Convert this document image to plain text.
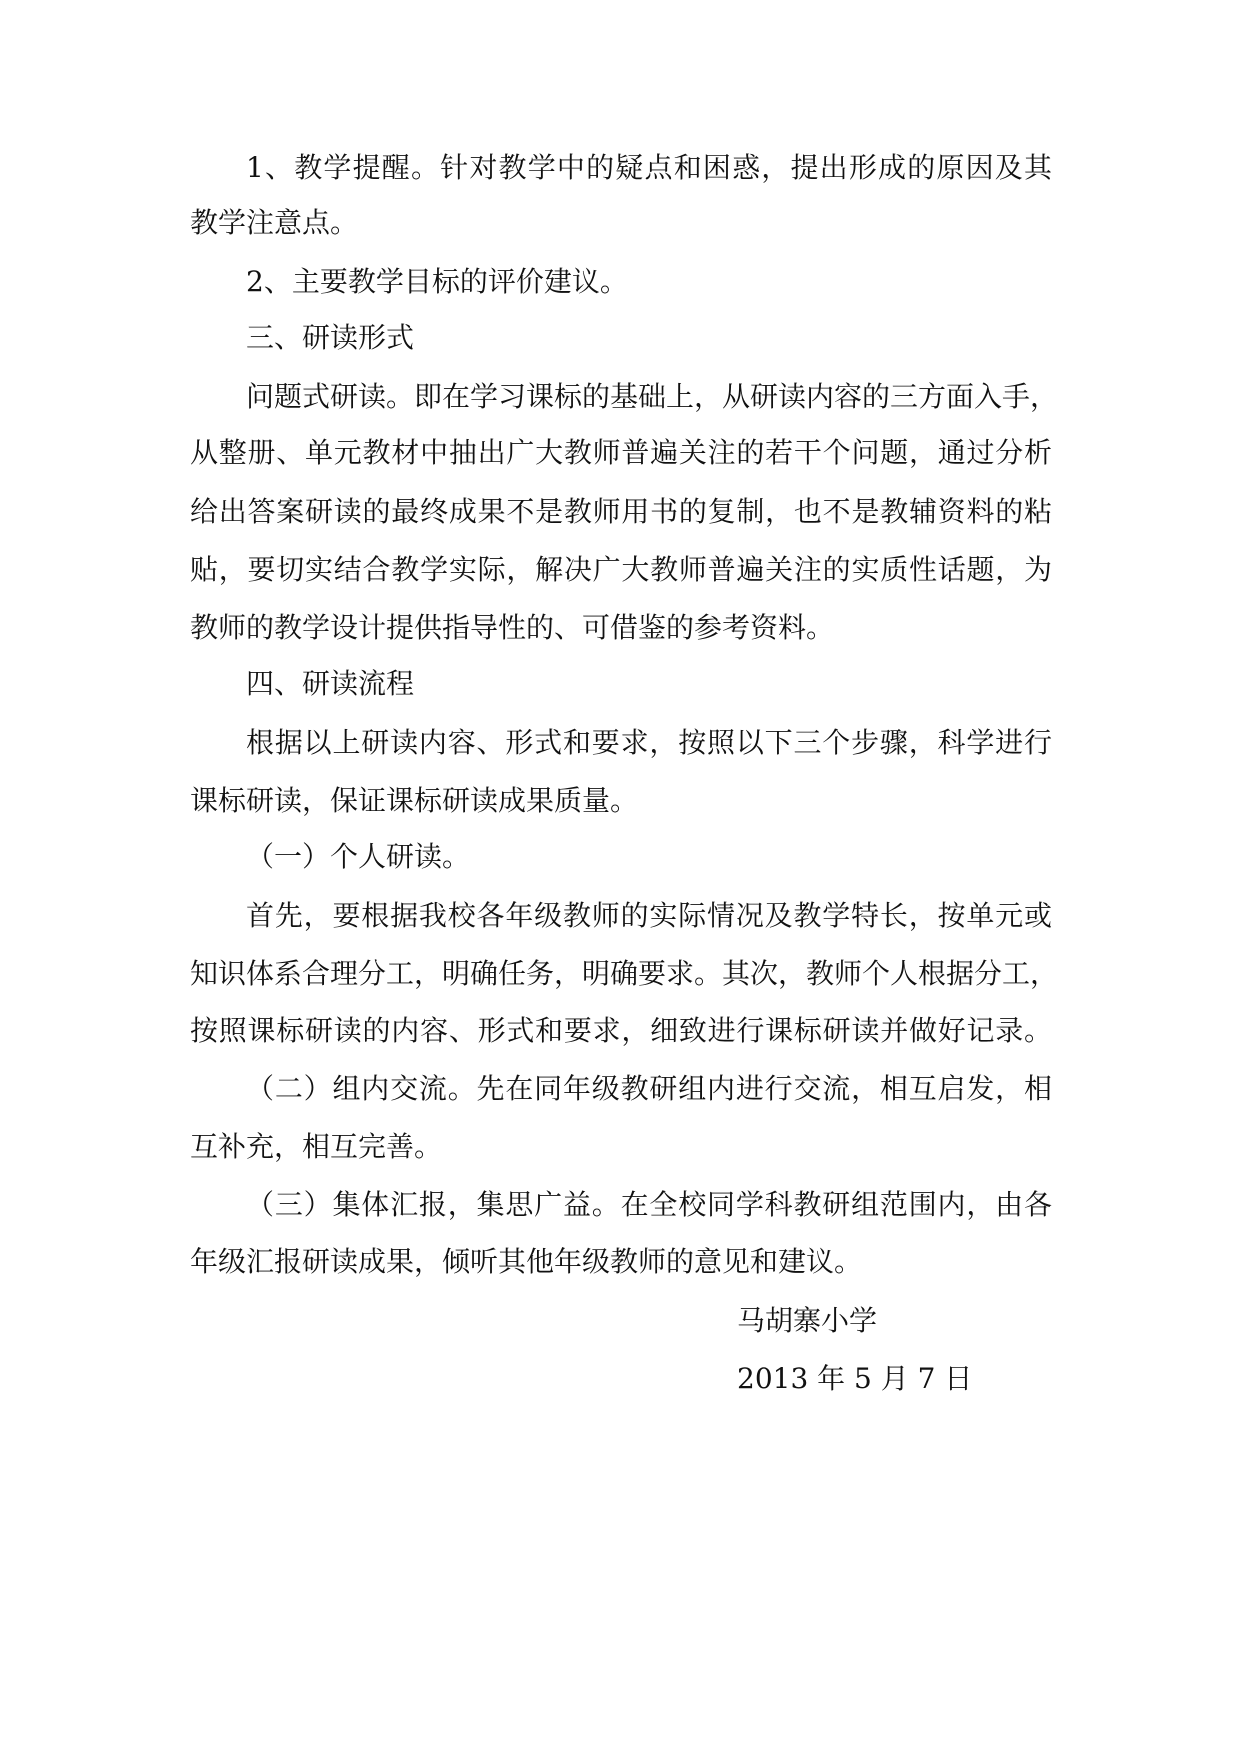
1、教学提醒。针对教学中的疑点和困惑，提出形成的原因及其
教学注意点。
2、主要教学目标的评价建议。
三、研读形式
问题式研读。即在学习课标的基础上，从研读内容的三方面入手，
从整册、单元教材中抽出广大教师普遍关注的若干个问题，通过分析
给出答案研读的最终成果不是教师用书的复制，也不是教辅资料的粘
贴，要切实结合教学实际，解决广大教师普遍关注的实质性话题，为
教师的教学设计提供指导性的、可借鉴的参考资料。
四、研读流程
根据以上研读内容、形式和要求，按照以下三个步骤，科学进行
课标研读，保证课标研读成果质量。
（一）个人研读。
首先，要根据我校各年级教师的实际情况及教学特长，按单元或
知识体系合理分工，明确任务，明确要求。其次，教师个人根据分工，
按照课标研读的内容、形式和要求，细致进行课标研读并做好记录。
（二）组内交流。先在同年级教研组内进行交流，相互启发，相
互补充，相互完善。
（三）集体汇报，集思广益。在全校同学科教研组范围内，由各
年级汇报研读成果，倾听其他年级教师的意见和建议。
马胡寨小学
2013 年 5 月 7 日
